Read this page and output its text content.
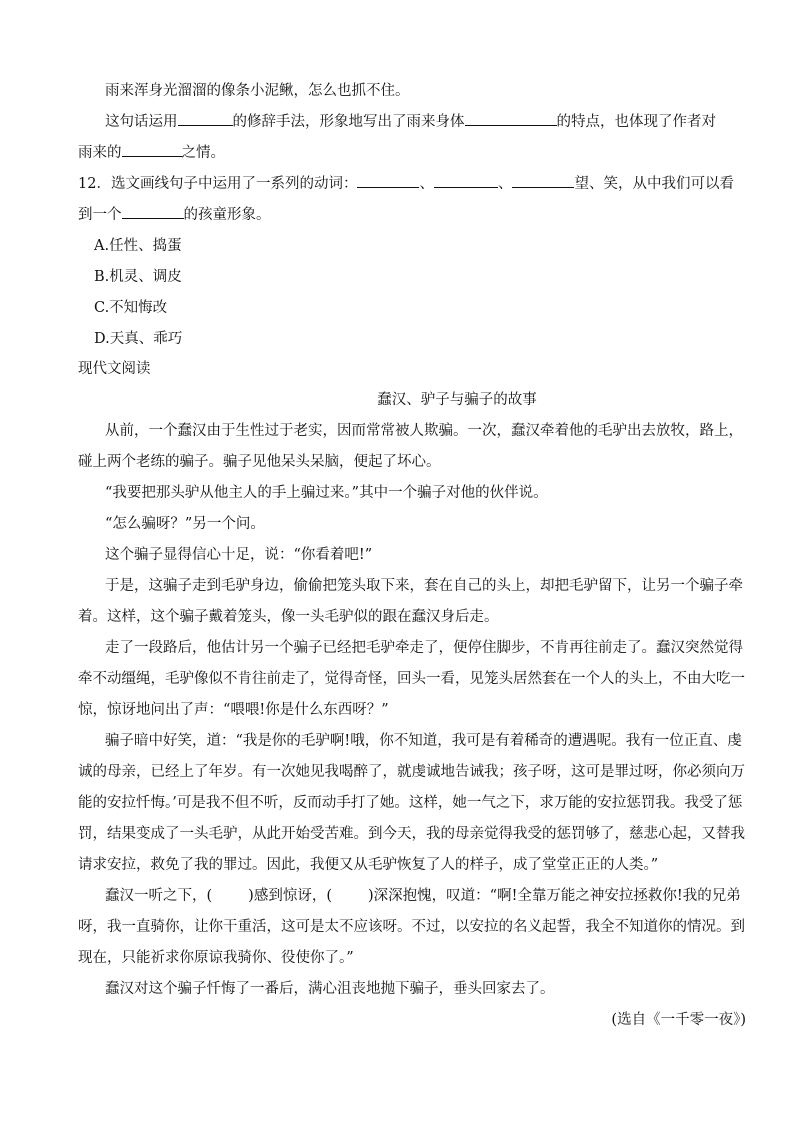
雨来浑身光溜溜的像条小泥鳅，怎么也抓不住。

这句话运用	的修辞手法，形象地写出了雨来身体	的特点，也体现了作者对

雨来的	之情。

12．选文画线句子中运用了一系列的动词：	、	、	望、笑，从中我们可以看

到一个	的孩童形象。

A.任性、捣蛋

B.机灵、调皮

C.不知悔改

D.天真、乖巧

现代文阅读

蠢汉、驴子与骗子的故事

从前，一个蠢汉由于生性过于老实，因而常常被人欺骗。一次，蠢汉牵着他的毛驴出去放牧，路上，碰上两个老练的骗子。骗子见他呆头呆脑，便起了坏心。

“我要把那头驴从他主人的手上骗过来。”其中一个骗子对他的伙伴说。

“怎么骗呀？”另一个问。

这个骗子显得信心十足，说：“你看着吧!”

于是，这骗子走到毛驴身边，偷偷把笼头取下来，套在自己的头上，却把毛驴留下，让另一个骗子牵着。这样，这个骗子戴着笼头，像一头毛驴似的跟在蠢汉身后走。

走了一段路后，他估计另一个骗子已经把毛驴牵走了，便停住脚步，不肯再往前走了。蠢汉突然觉得牵不动缰绳，毛驴像似不肯往前走了，觉得奇怪，回头一看，见笼头居然套在一个人的头上，不由大吃一惊，惊讶地问出了声：“喂喂!你是什么东西呀？”

骗子暗中好笑，道：“我是你的毛驴啊!哦，你不知道，我可是有着稀奇的遭遇呢。我有一位正直、虔诚的母亲，已经上了年岁。有一次她见我喝醉了，就虔诚地告诫我；孩子呀，这可是罪过呀，你必须向万能的安拉忏悔。’可是我不但不听，反而动手打了她。这样，她一气之下，求万能的安拉惩罚我。我受了惩罚，结果变成了一头毛驴，从此开始受苦难。到今天，我的母亲觉得我受的惩罚够了，慈悲心起，又替我请求安拉，救免了我的罪过。因此，我便又从毛驴恢复了人的样子，成了堂堂正正的人类。”

蠢汉一听之下，( )感到惊讶，( )深深抱愧，叹道：“啊!全靠万能之神安拉拯救你!我的兄弟呀，我一直骑你，让你干重活，这可是太不应该呀。不过，以安拉的名义起誓，我全不知道你的情况。到现在，只能祈求你原谅我骑你、役使你了。”

蠢汉对这个骗子忏悔了一番后，满心沮丧地抛下骗子，垂头回家去了。

(选自《一千零一夜》)
